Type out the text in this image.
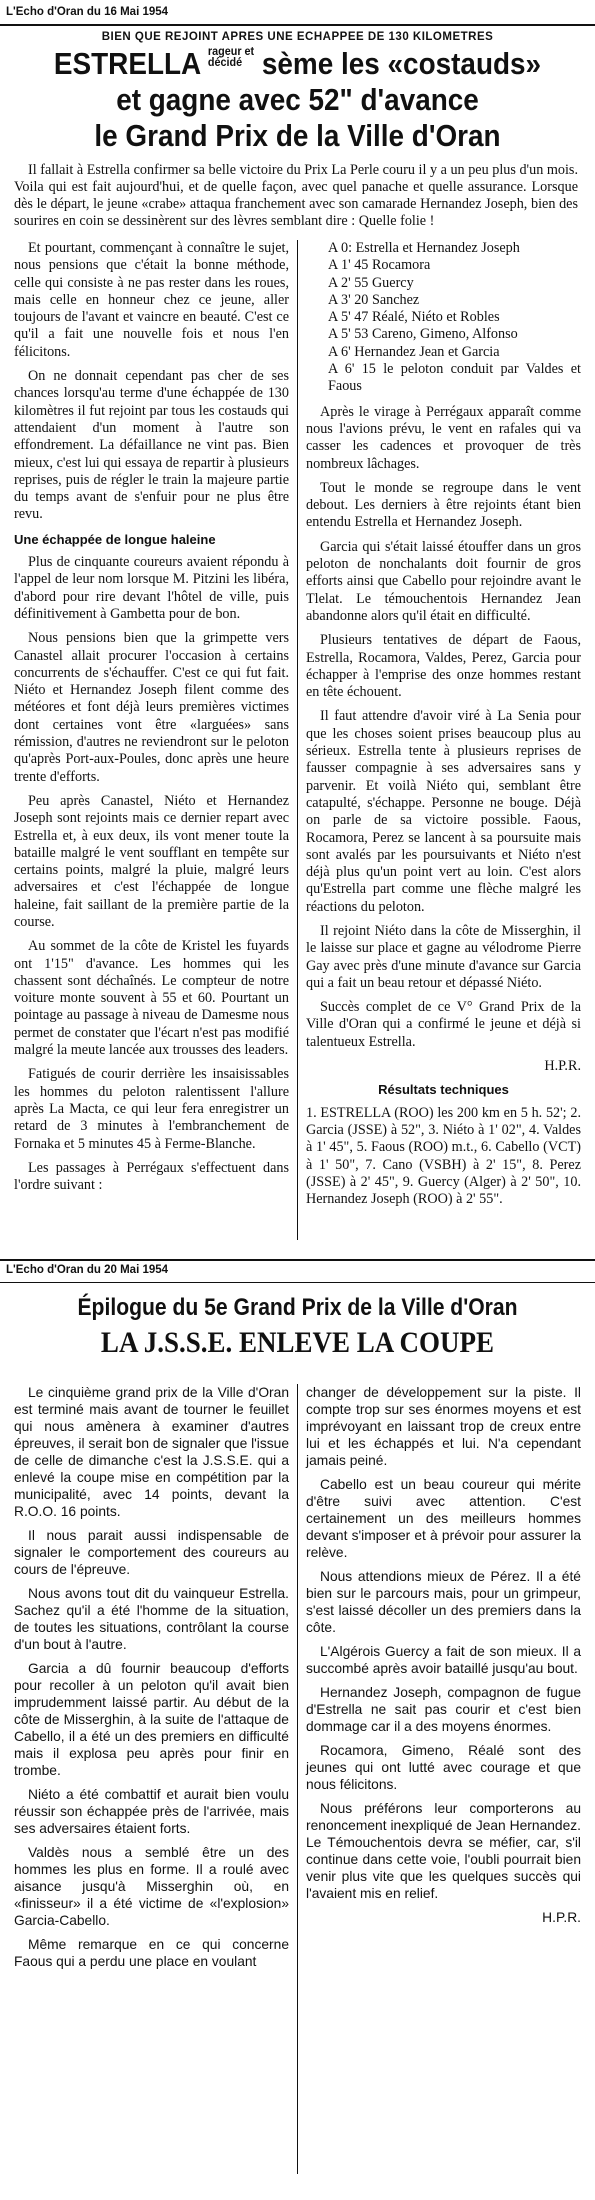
L'Echo d'Oran du 16 Mai 1954
BIEN QUE REJOINT APRES UNE ECHAPPEE DE 130 KILOMETRES
ESTRELLA rageur et
décidé sème les «costauds»
et gagne avec 52" d'avance
le Grand Prix de la Ville d'Oran
Il fallait à Estrella confirmer sa belle victoire du Prix La Perle couru il y a un peu plus d'un mois. Voila qui est fait aujourd'hui, et de quelle façon, avec quel panache et quelle assurance. Lorsque dès le départ, le jeune «crabe» attaqua franchement avec son camarade Hernandez Joseph, bien des sourires en coin se dessinèrent sur des lèvres semblant dire : Quelle folie !

Et pourtant, commençant à connaître le sujet, nous pensions que c'était la bonne méthode, celle qui consiste à ne pas rester dans les roues, mais celle en honneur chez ce jeune, aller toujours de l'avant et vaincre en beauté. C'est ce qu'il a fait une nouvelle fois et nous l'en félicitons.

On ne donnait cependant pas cher de ses chances lorsqu'au terme d'une échappée de 130 kilomètres il fut rejoint par tous les costauds qui attendaient d'un moment à l'autre son effondrement. La défaillance ne vint pas. Bien mieux, c'est lui qui essaya de repartir à plusieurs reprises, puis de régler le train la majeure partie du temps avant de s'enfuir pour ne plus être revu.

Une échappée de longue haleine

Plus de cinquante coureurs avaient répondu à l'appel de leur nom lorsque M. Pitzini les libéra, d'abord pour rire devant l'hôtel de ville, puis définitivement à Gambetta pour de bon.

Nous pensions bien que la grimpette vers Canastel allait procurer l'occasion à certains concurrents de s'échauffer. C'est ce qui fut fait. Niéto et Hernandez Joseph filent comme des météores et font déjà leurs premières victimes dont certaines vont être «larguées» sans rémission, d'autres ne reviendront sur le peloton qu'après Port-aux-Poules, donc après une heure trente d'efforts.

Peu après Canastel, Niéto et Hernandez Joseph sont rejoints mais ce dernier repart avec Estrella et, à eux deux, ils vont mener toute la bataille malgré le vent soufflant en tempête sur certains points, malgré la pluie, malgré leurs adversaires et c'est l'échappée de longue haleine, fait saillant de la première partie de la course.

Au sommet de la côte de Kristel les fuyards ont 1'15" d'avance. Les hommes qui les chassent sont déchaînés. Le compteur de notre voiture monte souvent à 55 et 60. Pourtant un pointage au passage à niveau de Damesme nous permet de constater que l'écart n'est pas modifié malgré la meute lancée aux trousses des leaders.

Fatigués de courir derrière les insaisissables les hommes du peloton ralentissent l'allure après La Macta, ce qui leur fera enregistrer un retard de 3 minutes à l'embranchement de Fornaka et 5 minutes 45 à Ferme-Blanche.

Les passages à Perrégaux s'effectuent dans l'ordre suivant :

A 0: Estrella et Hernandez Joseph
A 1' 45 Rocamora
A 2' 55 Guercy
A 3' 20 Sanchez
A 5' 47 Réalé, Niéto et Robles
A 5' 53 Careno, Gimeno, Alfonso
A 6' Hernandez Jean et Garcia
A 6' 15 le peloton conduit par Valdes et Faous

Après le virage à Perrégaux apparaît comme nous l'avions prévu, le vent en rafales qui va casser les cadences et provoquer de très nombreux lâchages.

Tout le monde se regroupe dans le vent debout. Les derniers à être rejoints étant bien entendu Estrella et Hernandez Joseph.

Garcia qui s'était laissé étouffer dans un gros peloton de nonchalants doit fournir de gros efforts ainsi que Cabello pour rejoindre avant le Tlelat. Le témouchentois Hernandez Jean abandonne alors qu'il était en difficulté.

Plusieurs tentatives de départ de Faous, Estrella, Rocamora, Valdes, Perez, Garcia pour échapper à l'emprise des onze hommes restant en tête échouent.

Il faut attendre d'avoir viré à La Senia pour que les choses soient prises beaucoup plus au sérieux. Estrella tente à plusieurs reprises de fausser compagnie à ses adversaires sans y parvenir. Et voilà Niéto qui, semblant être catapulté, s'échappe. Personne ne bouge. Déjà on parle de sa victoire possible. Faous, Rocamora, Perez se lancent à sa poursuite mais sont avalés par les poursuivants et Niéto n'est déjà plus qu'un point vert au loin. C'est alors qu'Estrella part comme une flèche malgré les réactions du peloton.

Il rejoint Niéto dans la côte de Misserghin, il le laisse sur place et gagne au vélodrome Pierre Gay avec près d'une minute d'avance sur Garcia qui a fait un beau retour et dépassé Niéto.

Succès complet de ce V° Grand Prix de la Ville d'Oran qui a confirmé le jeune et déjà si talentueux Estrella.

H.P.R.
Résultats techniques

1. ESTRELLA (ROO) les 200 km en 5 h. 52'; 2. Garcia (JSSE) à 52", 3. Niéto à 1' 02", 4. Valdes à 1' 45", 5. Faous (ROO) m.t., 6. Cabello (VCT) à 1' 50", 7. Cano (VSBH) à 2' 15", 8. Perez (JSSE) à 2' 45", 9. Guercy (Alger) à 2' 50", 10. Hernandez Joseph (ROO) à 2' 55".

L'Echo d'Oran du 20 Mai 1954
Épilogue du 5e Grand Prix de la Ville d'Oran
LA J.S.S.E. ENLEVE LA COUPE

Le cinquième grand prix de la Ville d'Oran est terminé mais avant de tourner le feuillet qui nous amènera à examiner d'autres épreuves, il serait bon de signaler que l'issue de celle de dimanche c'est la J.S.S.E. qui a enlevé la coupe mise en compétition par la municipalité, avec 14 points, devant la R.O.O. 16 points.

Il nous parait aussi indispensable de signaler le comportement des coureurs au cours de l'épreuve.

Nous avons tout dit du vainqueur Estrella. Sachez qu'il a été l'homme de la situation, de toutes les situations, contrôlant la course d'un bout à l'autre.

Garcia a dû fournir beaucoup d'efforts pour recoller à un peloton qu'il avait bien imprudemment laissé partir. Au début de la côte de Misserghin, à la suite de l'attaque de Cabello, il a été un des premiers en difficulté mais il explosa peu après pour finir en trombe.

Niéto a été combattif et aurait bien voulu réussir son échappée près de l'arrivée, mais ses adversaires étaient forts.

Valdès nous a semblé être un des hommes les plus en forme. Il a roulé avec aisance jusqu'à Misserghin où, en «finisseur» il a été victime de «l'explosion» Garcia-Cabello.

Même remarque en ce qui concerne Faous qui a perdu une place en voulant

changer de développement sur la piste. Il compte trop sur ses énormes moyens et est imprévoyant en laissant trop de creux entre lui et les échappés et lui. N'a cependant jamais peiné.

Cabello est un beau coureur qui mérite d'être suivi avec attention. C'est certainement un des meilleurs hommes devant s'imposer et à prévoir pour assurer la relève.

Nous attendions mieux de Pérez. Il a été bien sur le parcours mais, pour un grimpeur, s'est laissé décoller un des premiers dans la côte.

L'Algérois Guercy a fait de son mieux. Il a succombé après avoir bataillé jusqu'au bout.

Hernandez Joseph, compagnon de fugue d'Estrella ne sait pas courir et c'est bien dommage car il a des moyens énormes.

Rocamora, Gimeno, Réalé sont des jeunes qui ont lutté avec courage et que nous félicitons.

Nous préférons leur comporterons au renoncement inexpliqué de Jean Hernandez. Le Témouchentois devra se méfier, car, s'il continue dans cette voie, l'oubli pourrait bien venir plus vite que les quelques succès qui l'avaient mis en relief.

H.P.R.
